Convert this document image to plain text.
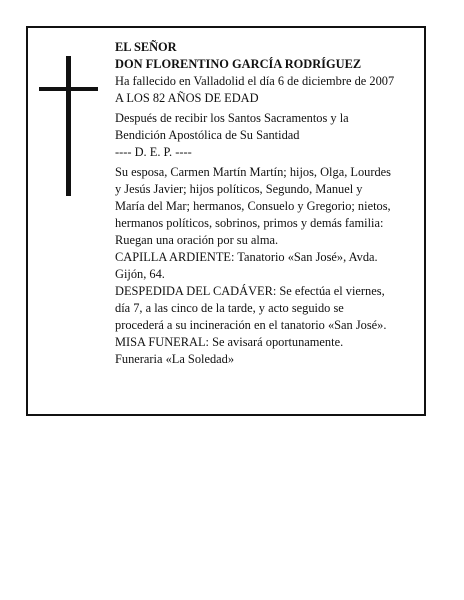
EL SEÑOR
DON FLORENTINO GARCÍA RODRÍGUEZ
Ha fallecido en Valladolid el día 6 de diciembre de 2007
A LOS 82 AÑOS DE EDAD
Después de recibir los Santos Sacramentos y la
Bendición Apostólica de Su Santidad
---- D. E. P. ----
Su esposa, Carmen Martín Martín; hijos, Olga, Lourdes
y Jesús Javier; hijos políticos, Segundo, Manuel y
María del Mar; hermanos, Consuelo y Gregorio; nietos,
hermanos políticos, sobrinos, primos y demás familia:
Ruegan una oración por su alma.
CAPILLA ARDIENTE: Tanatorio «San José», Avda.
Gijón, 64.
DESPEDIDA DEL CADÁVER: Se efectúa el viernes,
día 7, a las cinco de la tarde, y acto seguido se
procederá a su incineración en el tanatorio «San José».
MISA FUNERAL: Se avisará oportunamente.
Funeraria «La Soledad»
